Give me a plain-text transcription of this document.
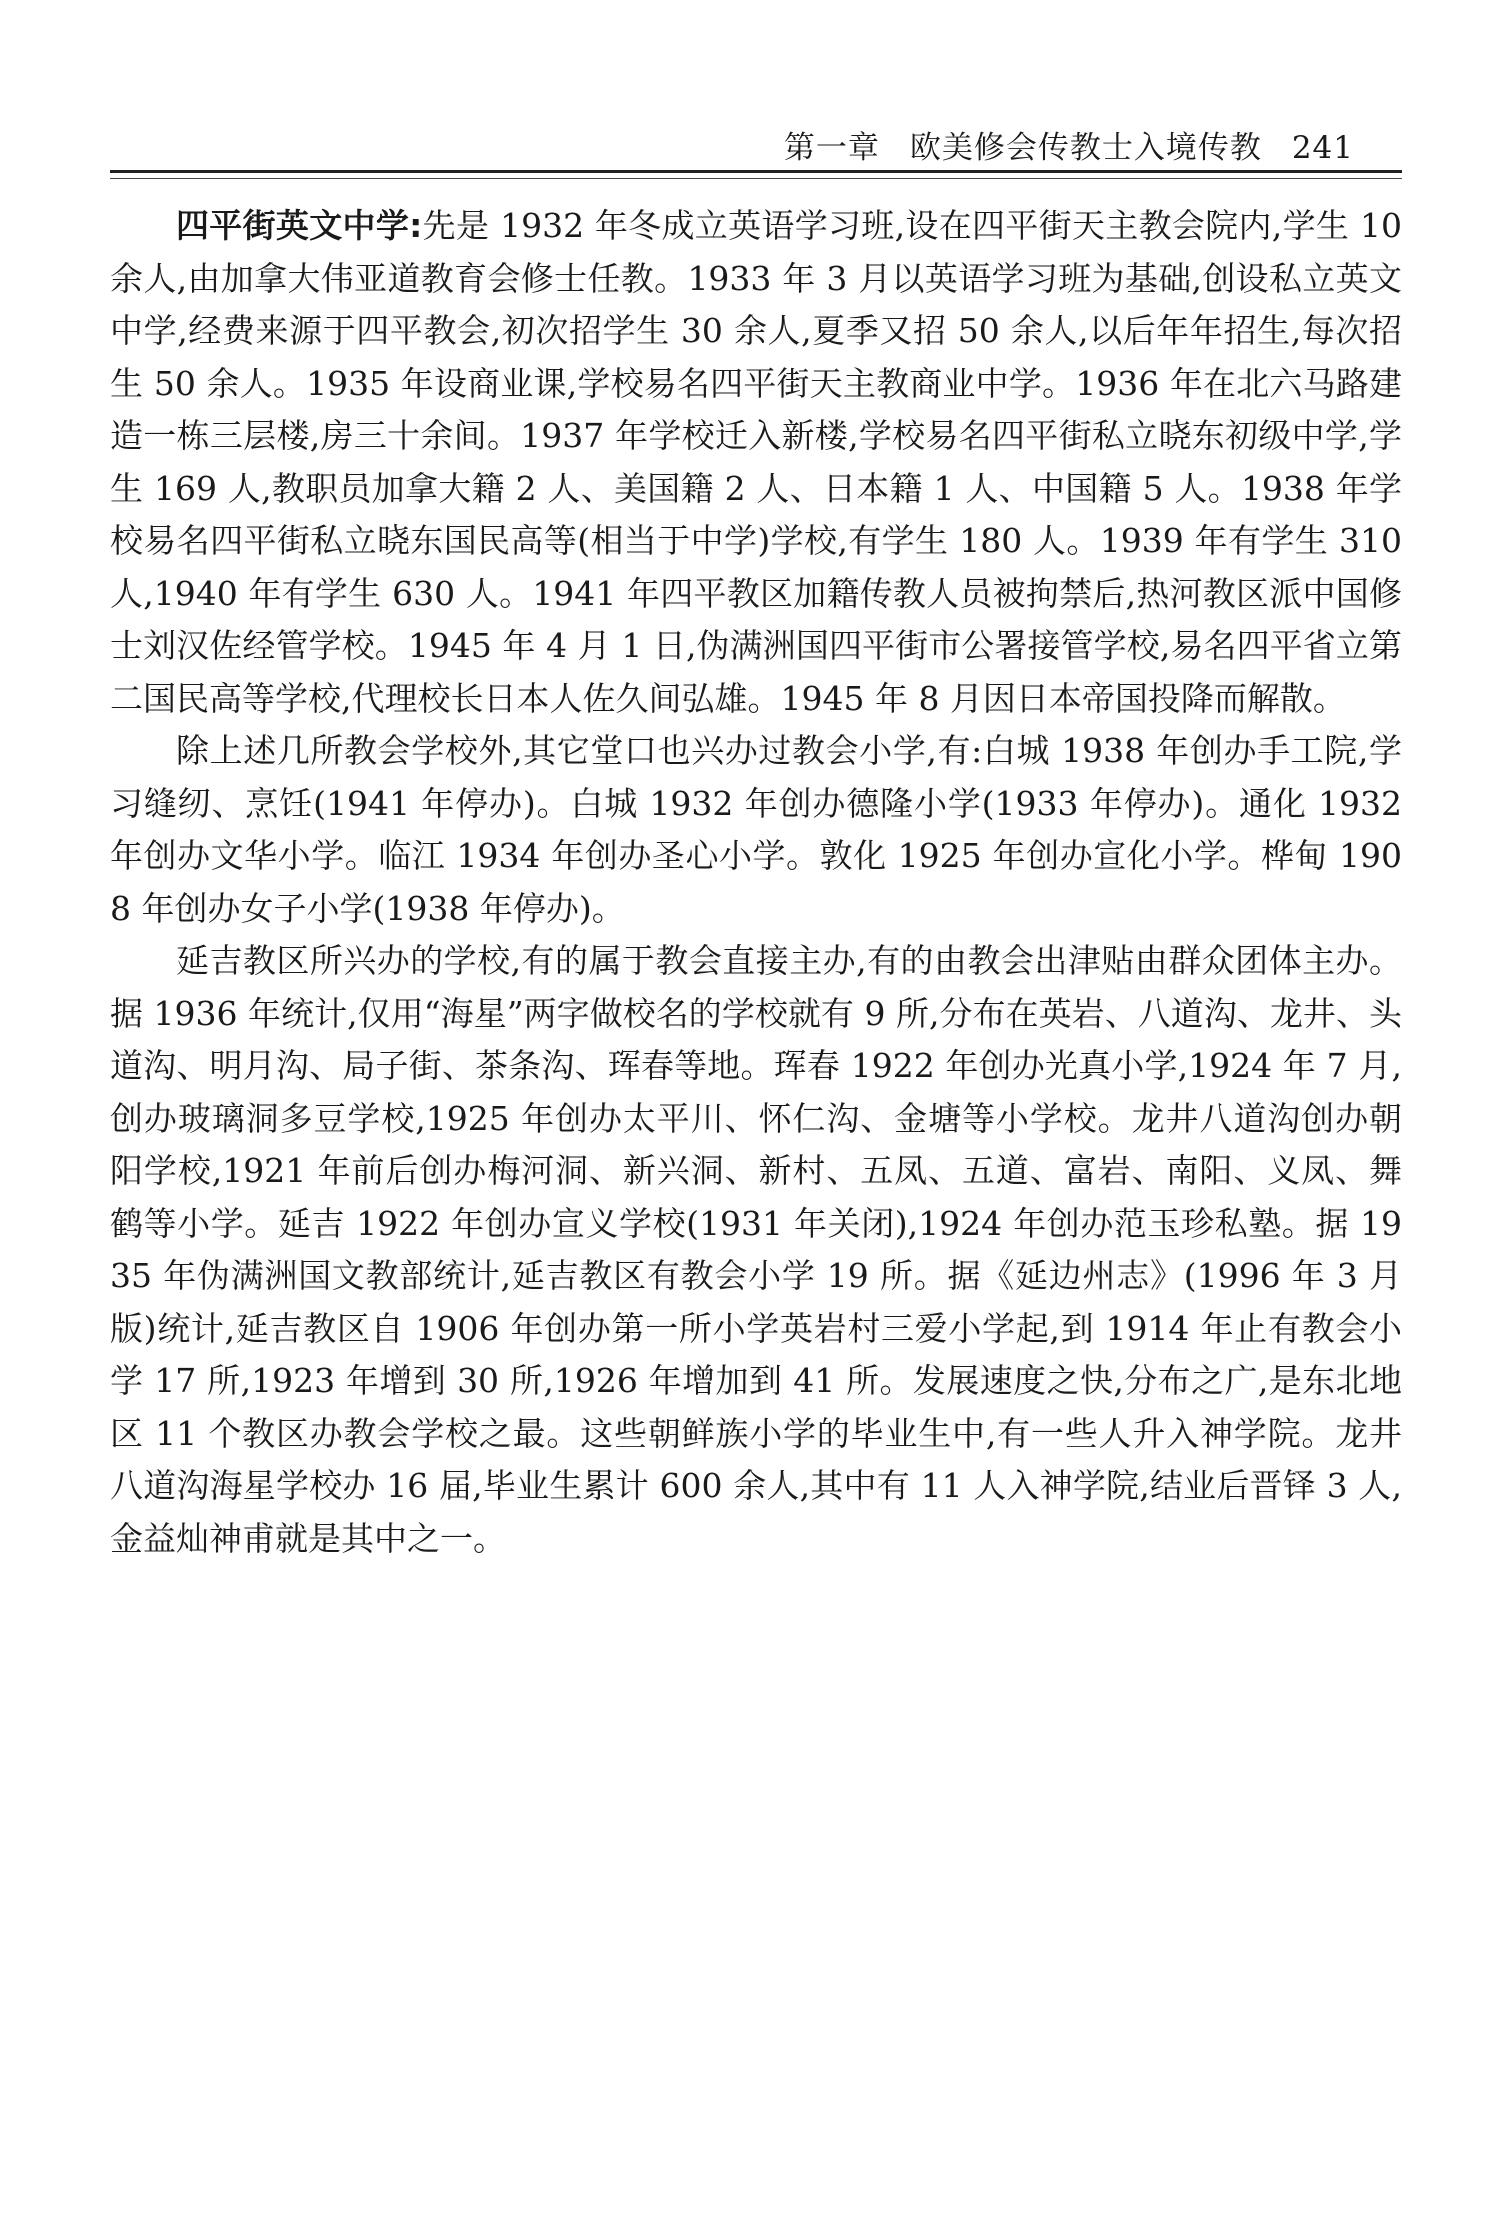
第一章 欧美修会传教士入境传教 241

四平街英文中学:先是 1932 年冬成立英语学习班,设在四平街天主教会院内,学生 10 余人,由加拿大伟亚道教育会修士任教。1933 年 3 月以英语学习班为基础,创设私立英文中学,经费来源于四平教会,初次招学生 30 余人,夏季又招 50 余人,以后年年招生,每次招生 50 余人。1935 年设商业课,学校易名四平街天主教商业中学。1936 年在北六马路建造一栋三层楼,房三十余间。1937 年学校迁入新楼,学校易名四平街私立晓东初级中学,学生 169 人,教职员加拿大籍 2 人、美国籍 2 人、日本籍 1 人、中国籍 5 人。1938 年学校易名四平街私立晓东国民高等(相当于中学)学校,有学生 180 人。1939 年有学生 310 人,1940 年有学生 630 人。1941 年四平教区加籍传教人员被拘禁后,热河教区派中国修士刘汉佐经管学校。1945 年 4 月 1 日,伪满洲国四平街市公署接管学校,易名四平省立第二国民高等学校,代理校长日本人佐久间弘雄。1945 年 8 月因日本帝国投降而解散。

除上述几所教会学校外,其它堂口也兴办过教会小学,有:白城 1938 年创办手工院,学习缝纫、烹饪(1941 年停办)。白城 1932 年创办德隆小学(1933 年停办)。通化 1932 年创办文华小学。临江 1934 年创办圣心小学。敦化 1925 年创办宣化小学。桦甸 1908 年创办女子小学(1938 年停办)。

延吉教区所兴办的学校,有的属于教会直接主办,有的由教会出津贴由群众团体主办。据 1936 年统计,仅用“海星”两字做校名的学校就有 9 所,分布在英岩、八道沟、龙井、头道沟、明月沟、局子街、茶条沟、珲春等地。珲春 1922 年创办光真小学,1924 年 7 月,创办玻璃洞多豆学校,1925 年创办太平川、怀仁沟、金塘等小学校。龙井八道沟创办朝阳学校,1921 年前后创办梅河洞、新兴洞、新村、五凤、五道、富岩、南阳、义凤、舞鹤等小学。延吉 1922 年创办宣义学校(1931 年关闭),1924 年创办范玉珍私塾。据 1935 年伪满洲国文教部统计,延吉教区有教会小学 19 所。据《延边州志》(1996 年 3 月版)统计,延吉教区自 1906 年创办第一所小学英岩村三爱小学起,到 1914 年止有教会小学 17 所,1923 年增到 30 所,1926 年增加到 41 所。发展速度之快,分布之广,是东北地区 11 个教区办教会学校之最。这些朝鲜族小学的毕业生中,有一些人升入神学院。龙井八道沟海星学校办 16 届,毕业生累计 600 余人,其中有 11 人入神学院,结业后晋铎 3 人,金益灿神甫就是其中之一。
